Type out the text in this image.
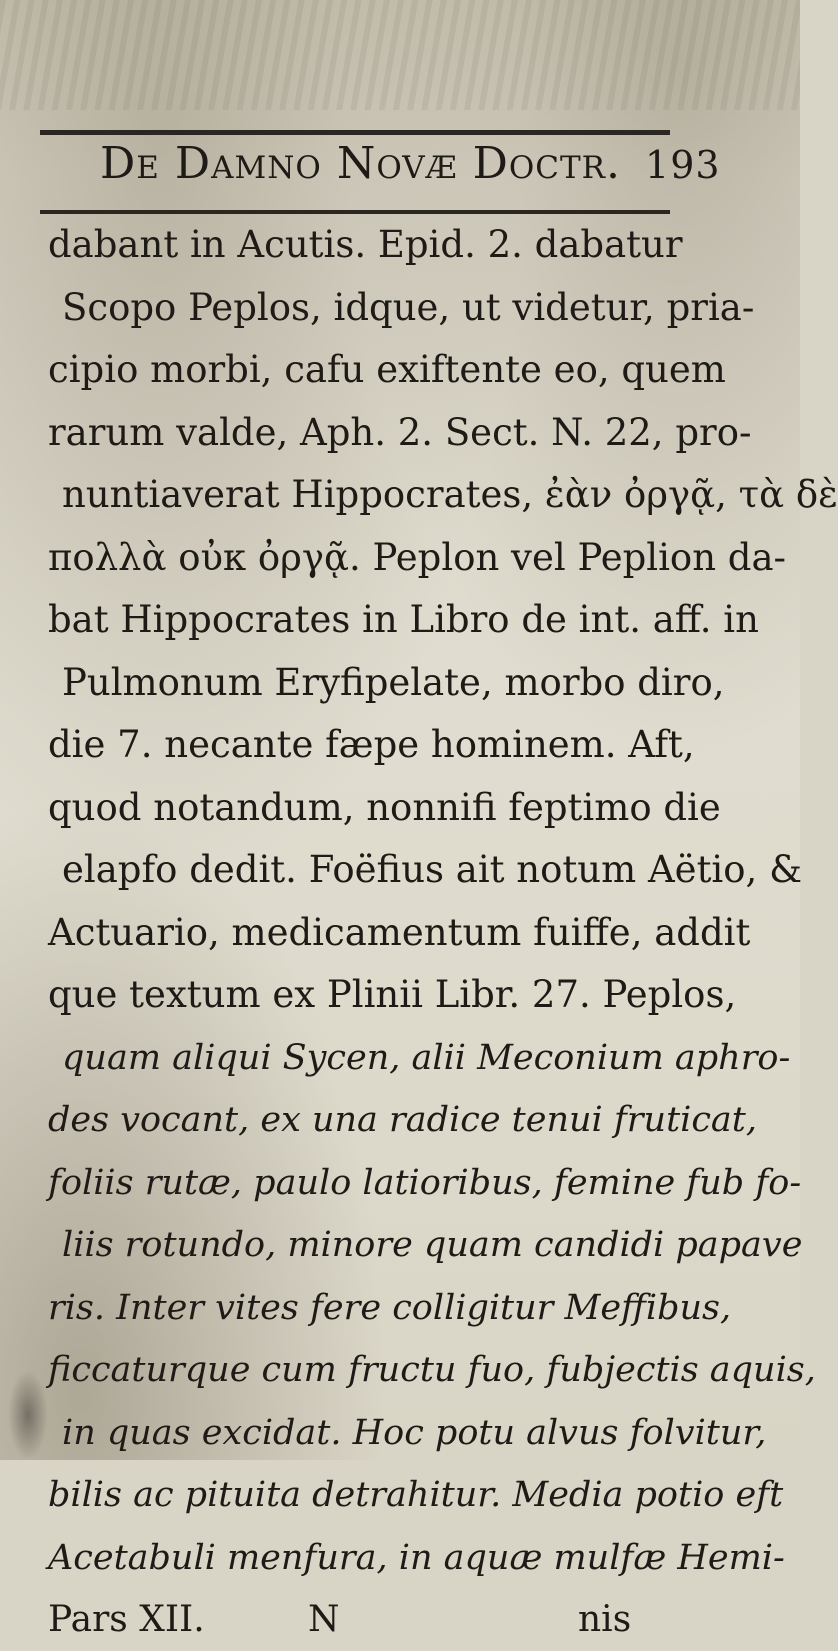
De Damno Novæ Doctr. 193
dabant in Acutis. Epid. 2. dabatur
Scopo Peplos, idque, ut videtur, pria-
cipio morbi, cafu exiftente eo, quem
rarum valde, Aph. 2. Sect. N. 22, pro-
nuntiaverat Hippocrates, ἐὰν ὀργᾷ, τὰ δὲ
πολλὰ οὐκ ὀργᾷ. Peplon vel Peplion da-
bat Hippocrates in Libro de int. aff. in
Pulmonum Eryfipelate, morbo diro,
die 7. necante fæpe hominem. Aft,
quod notandum, nonnifi feptimo die
elapfo dedit. Foëfius ait notum Aëtio, &
Actuario, medicamentum fuiffe, addit
que textum ex Plinii Libr. 27. Peplos,
quam aliqui Sycen, alii Meconium aphro-
des vocant, ex una radice tenui fruticat,
foliis rutæ, paulo latioribus, femine fub fo-
liis rotundo, minore quam candidi papave
ris. Inter vites fere colligitur Meffibus,
ficcaturque cum fructu fuo, fubjectis aquis,
in quas excidat. Hoc potu alvus folvitur,
bilis ac pituita detrahitur. Media potio eft
Acetabuli menfura, in aquæ mulfæ Hemi-
Pars XII.	N	nis
